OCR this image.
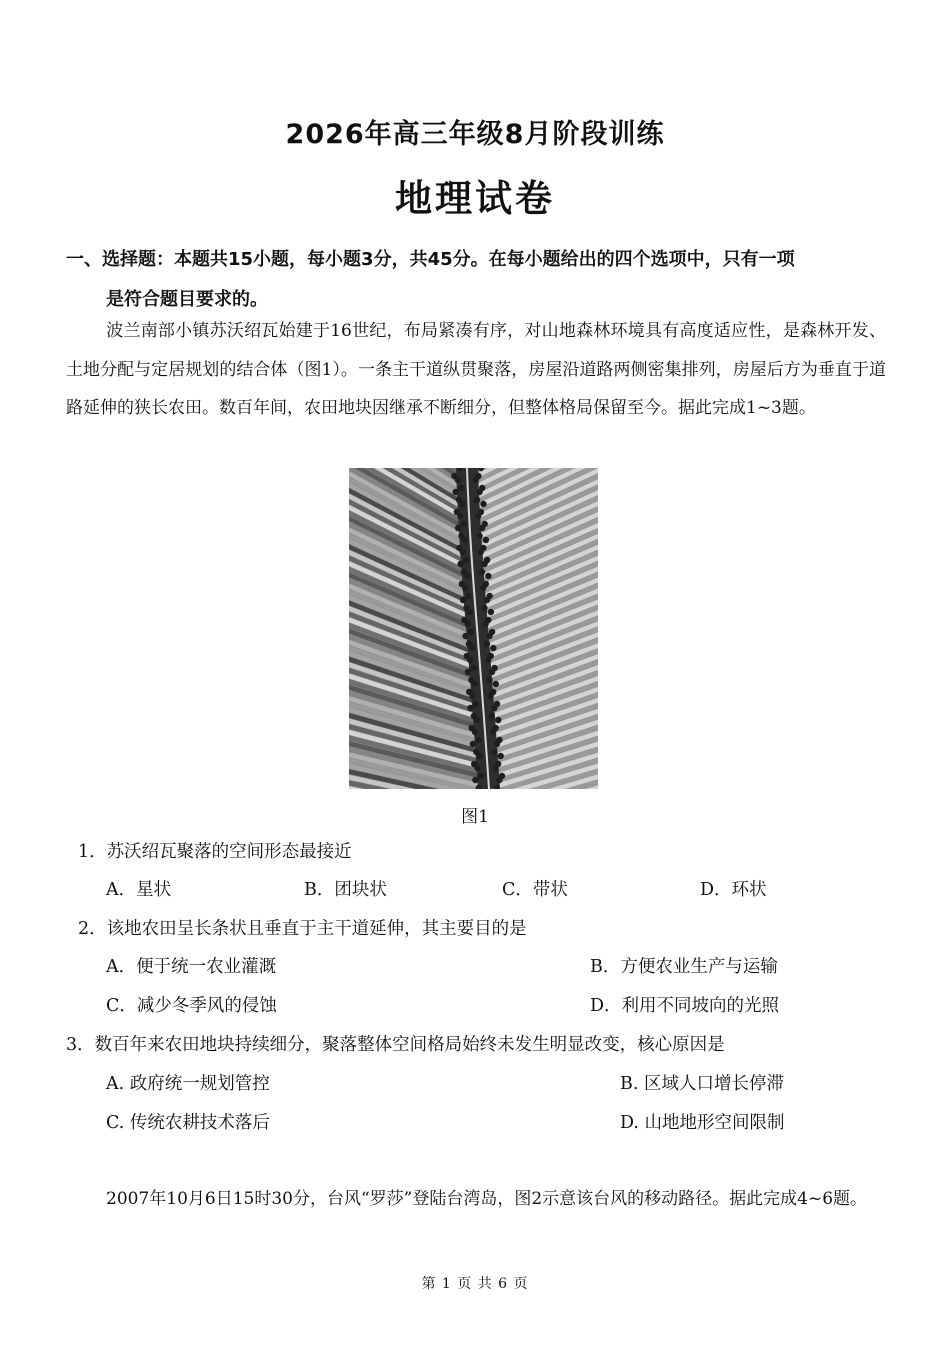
2026年高三年级8月阶段训练
地理试卷
一、选择题：本题共15小题，每小题3分，共45分。在每小题给出的四个选项中，只有一项
是符合题目要求的。
波兰南部小镇苏沃绍瓦始建于16世纪，布局紧凑有序，对山地森林环境具有高度适应性，是森林开发、土地分配与定居规划的结合体（图1）。一条主干道纵贯聚落，房屋沿道路两侧密集排列，房屋后方为垂直于道路延伸的狭长农田。数百年间，农田地块因继承不断细分，但整体格局保留至今。据此完成1~3题。
图1
1．苏沃绍瓦聚落的空间形态最接近
A．星状	B．团块状	C．带状	D．环状
2．该地农田呈长条状且垂直于主干道延伸，其主要目的是
A．便于统一农业灌溉	B．方便农业生产与运输
C．减少冬季风的侵蚀	D．利用不同坡向的光照
3．数百年来农田地块持续细分，聚落整体空间格局始终未发生明显改变，核心原因是
A. 政府统一规划管控	B. 区域人口增长停滞
C. 传统农耕技术落后	D. 山地地形空间限制
2007年10月6日15时30分，台风“罗莎”登陆台湾岛，图2示意该台风的移动路径。据此完成4~6题。
第 1 页 共 6 页
